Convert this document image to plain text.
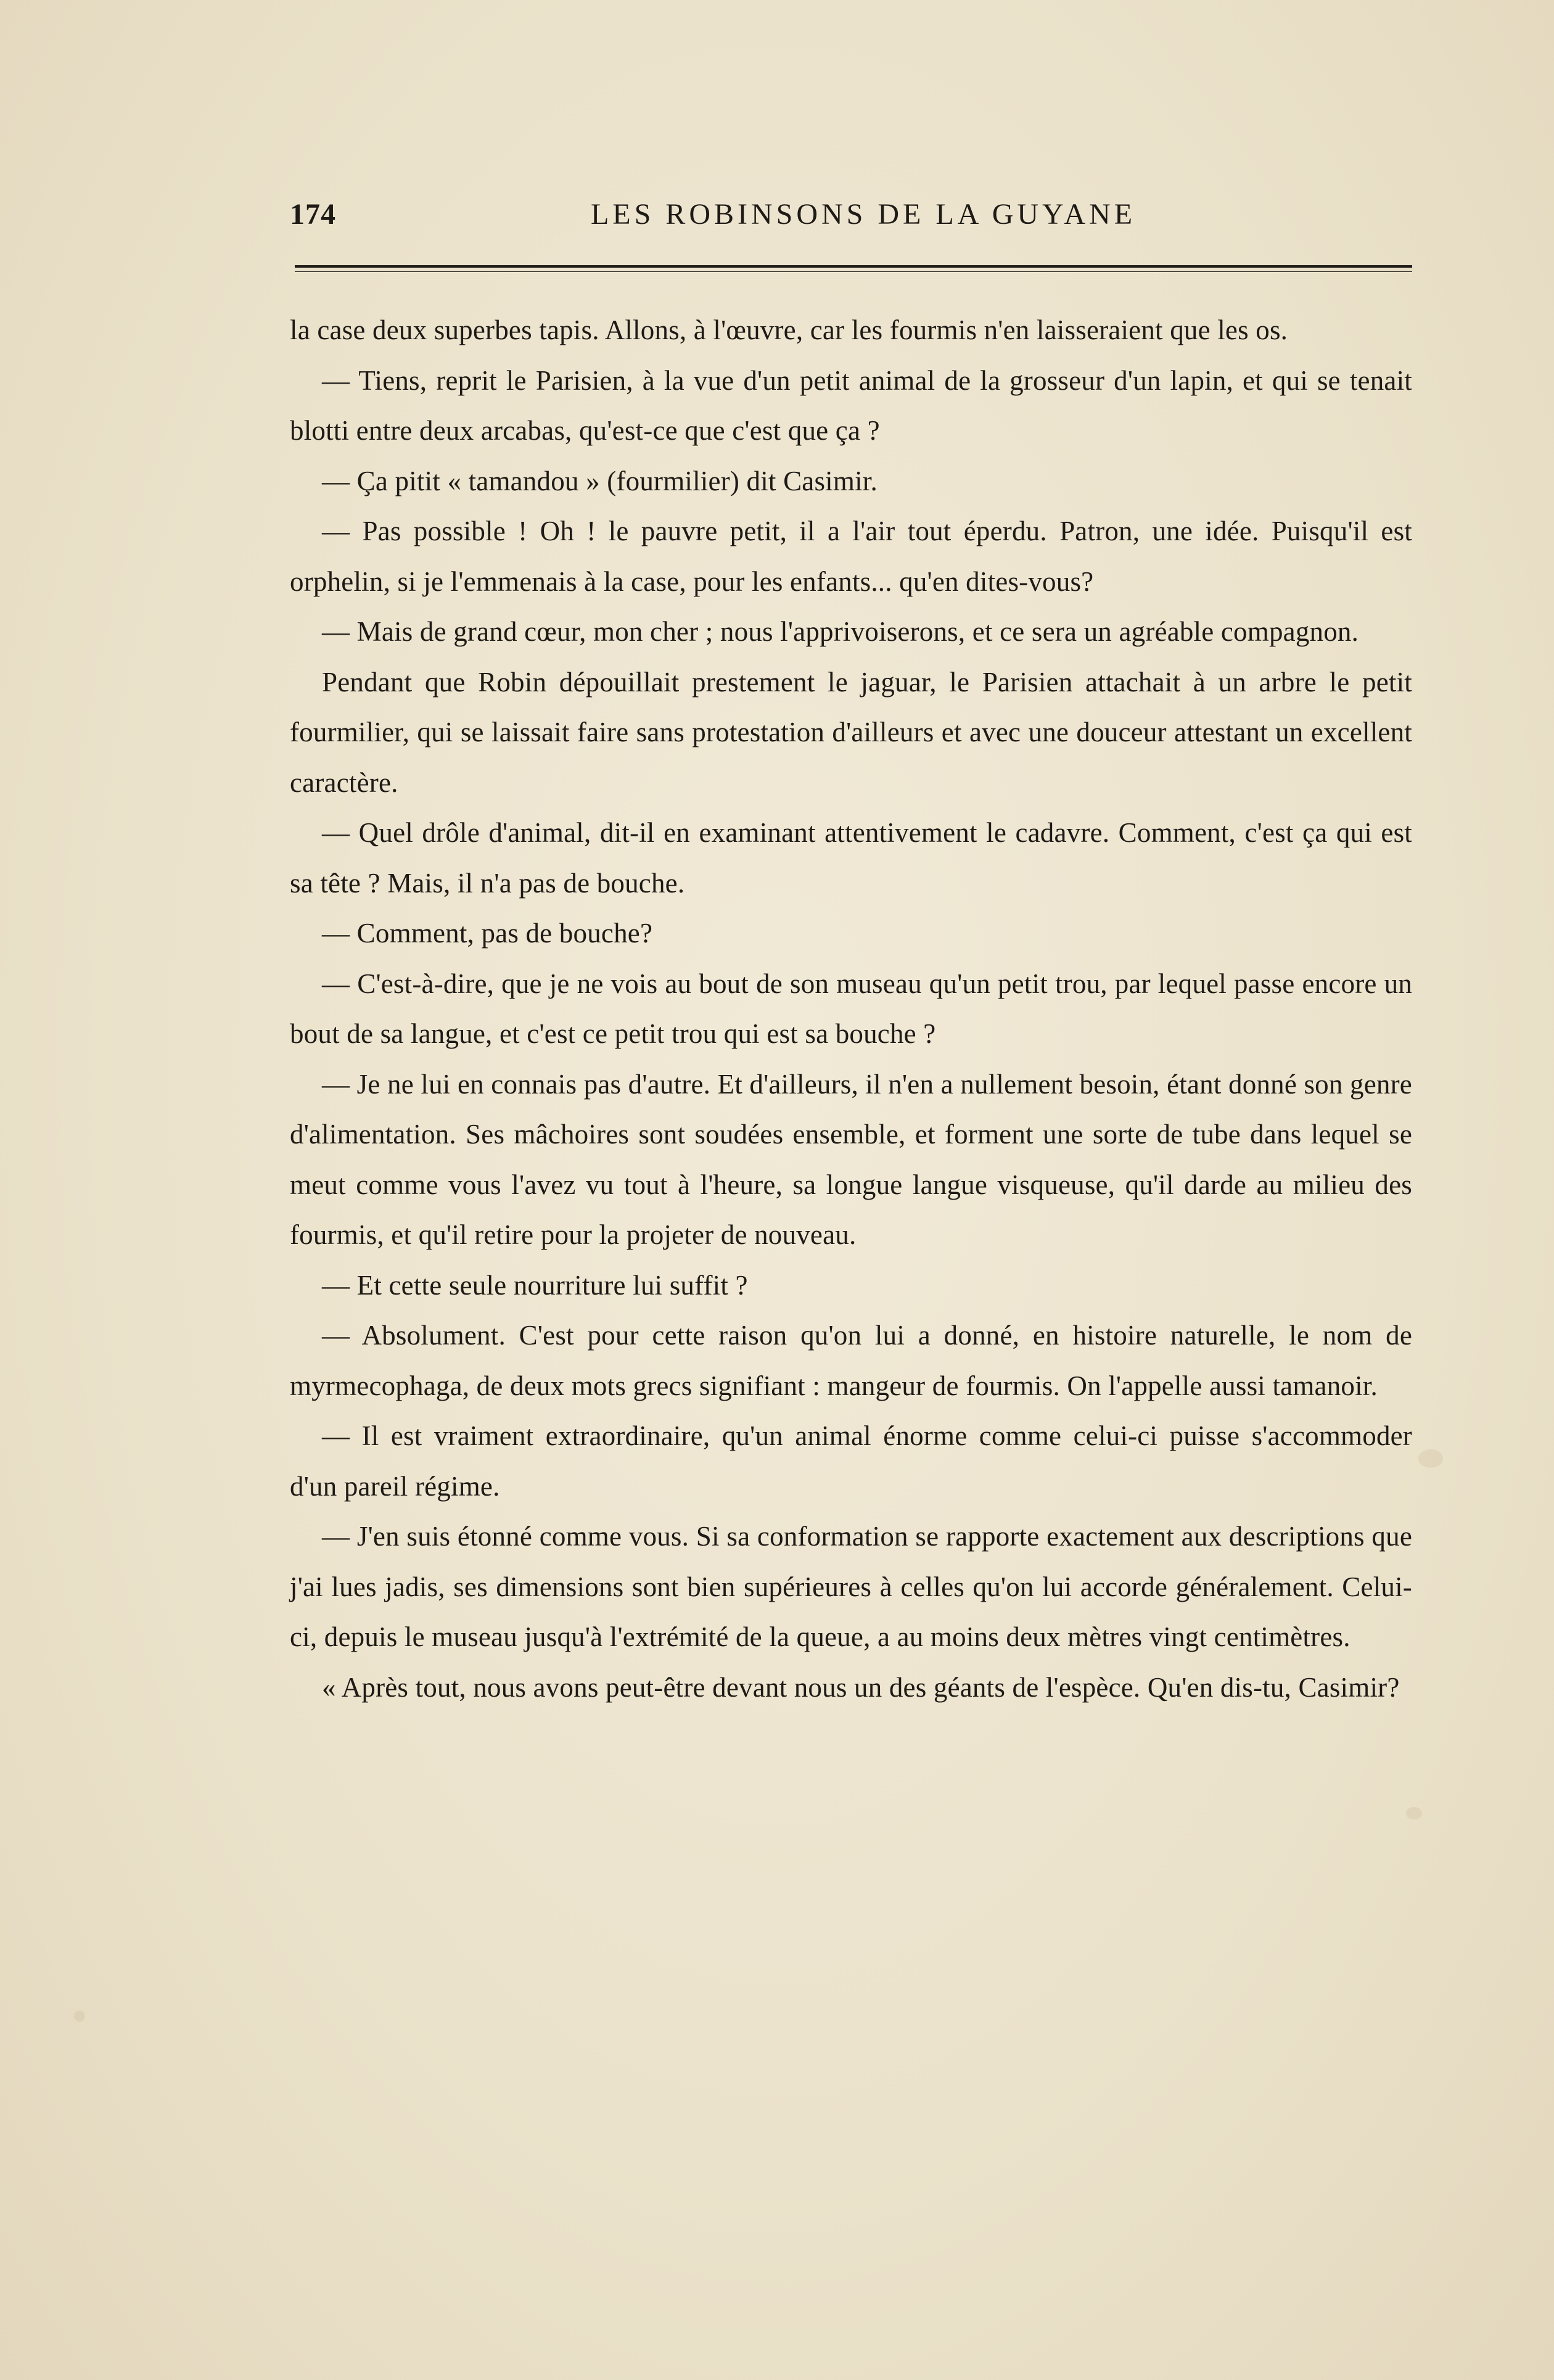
174	LES ROBINSONS DE LA GUYANE

la case deux superbes tapis. Allons, à l'œuvre, car les fourmis n'en laisseraient que les os.

— Tiens, reprit le Parisien, à la vue d'un petit animal de la grosseur d'un lapin, et qui se tenait blotti entre deux arcabas, qu'est-ce que c'est que ça ?

— Ça pitit « tamandou » (fourmilier) dit Casimir.

— Pas possible ! Oh ! le pauvre petit, il a l'air tout éperdu. Patron, une idée. Puisqu'il est orphelin, si je l'emmenais à la case, pour les enfants... qu'en dites-vous?

— Mais de grand cœur, mon cher ; nous l'apprivoiserons, et ce sera un agréable compagnon.

Pendant que Robin dépouillait prestement le jaguar, le Parisien attachait à un arbre le petit fourmilier, qui se laissait faire sans protestation d'ailleurs et avec une douceur attestant un excellent caractère.

— Quel drôle d'animal, dit-il en examinant attentivement le cadavre. Comment, c'est ça qui est sa tête ? Mais, il n'a pas de bouche.

— Comment, pas de bouche?

— C'est-à-dire, que je ne vois au bout de son museau qu'un petit trou, par lequel passe encore un bout de sa langue, et c'est ce petit trou qui est sa bouche ?

— Je ne lui en connais pas d'autre. Et d'ailleurs, il n'en a nullement besoin, étant donné son genre d'alimentation. Ses mâchoires sont soudées ensemble, et forment une sorte de tube dans lequel se meut comme vous l'avez vu tout à l'heure, sa longue langue visqueuse, qu'il darde au milieu des fourmis, et qu'il retire pour la projeter de nouveau.

— Et cette seule nourriture lui suffit ?

— Absolument. C'est pour cette raison qu'on lui a donné, en histoire naturelle, le nom de myrmecophaga, de deux mots grecs signifiant : mangeur de fourmis. On l'appelle aussi tamanoir.

— Il est vraiment extraordinaire, qu'un animal énorme comme celui-ci puisse s'accommoder d'un pareil régime.

— J'en suis étonné comme vous. Si sa conformation se rapporte exactement aux descriptions que j'ai lues jadis, ses dimensions sont bien supérieures à celles qu'on lui accorde généralement. Celui-ci, depuis le museau jusqu'à l'extrémité de la queue, a au moins deux mètres vingt centimètres.

« Après tout, nous avons peut-être devant nous un des géants de l'espèce. Qu'en dis-tu, Casimir?
